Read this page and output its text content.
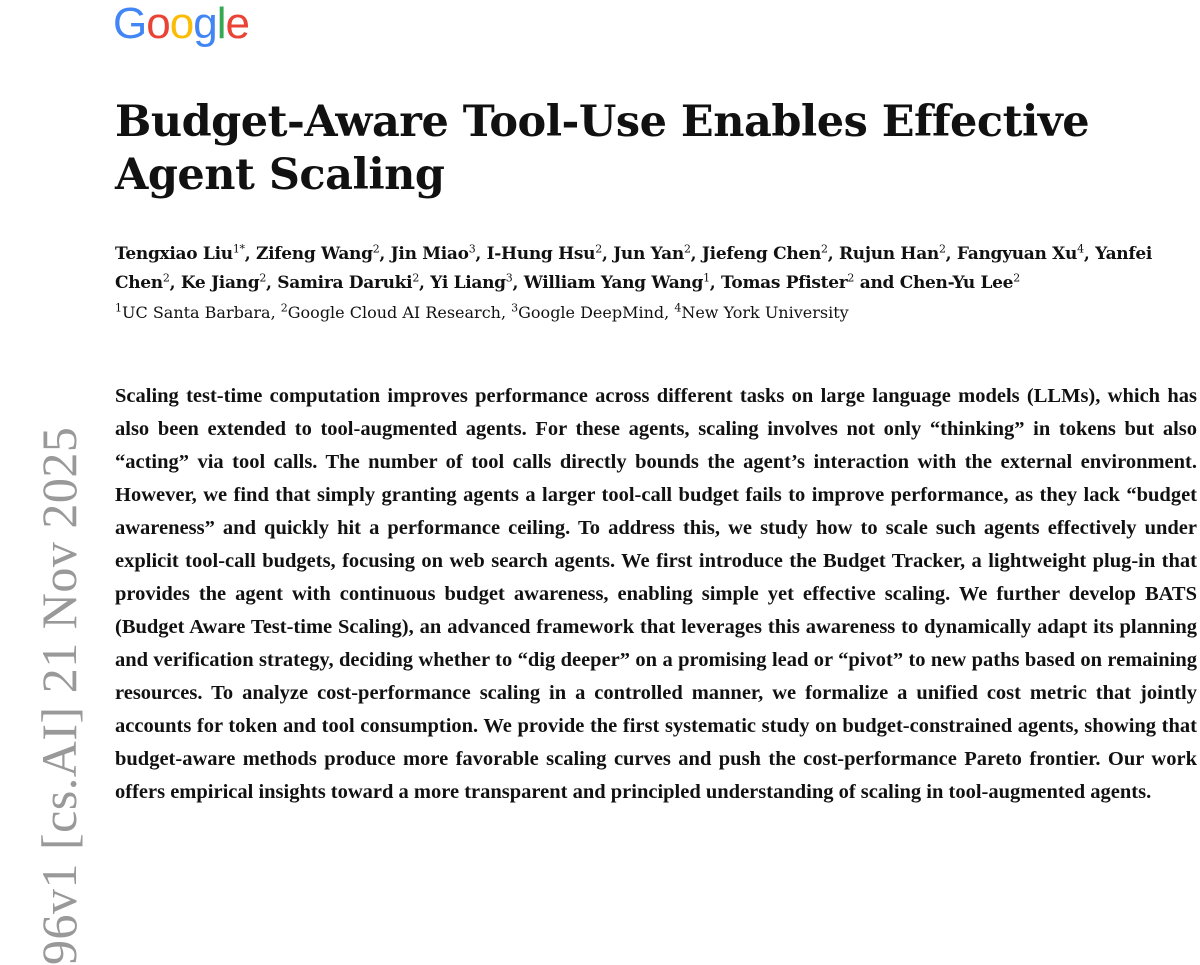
Google
Budget-Aware Tool-Use Enables Effective Agent Scaling
Tengxiao Liu$^{1*}$, Zifeng Wang$^2$, Jin Miao$^3$, I-Hung Hsu$^2$, Jun Yan$^2$, Jiefeng Chen$^2$, Rujun Han$^2$, Fangyuan Xu$^4$, Yanfei Chen$^2$, Ke Jiang$^2$, Samira Daruki$^2$, Yi Liang$^3$, William Yang Wang$^1$, Tomas Pfister$^2$ and Chen-Yu Lee$^2$
$^1$UC Santa Barbara, $^2$Google Cloud AI Research, $^3$Google DeepMind, $^4$New York University

Scaling test-time computation improves performance across different tasks on large language models (LLMs), which has also been extended to tool-augmented agents. For these agents, scaling involves not only “thinking” in tokens but also “acting” via tool calls. The number of tool calls directly bounds the agent’s interaction with the external environment. However, we find that simply granting agents a larger tool-call budget fails to improve performance, as they lack “budget awareness” and quickly hit a performance ceiling. To address this, we study how to scale such agents effectively under explicit tool-call budgets, focusing on web search agents. We first introduce the Budget Tracker, a lightweight plug-in that provides the agent with continuous budget awareness, enabling simple yet effective scaling. We further develop BATS (Budget Aware Test-time Scaling), an advanced framework that leverages this awareness to dynamically adapt its planning and verification strategy, deciding whether to “dig deeper” on a promising lead or “pivot” to new paths based on remaining resources. To analyze cost-performance scaling in a controlled manner, we formalize a unified cost metric that jointly accounts for token and tool consumption. We provide the first systematic study on budget-constrained agents, showing that budget-aware methods produce more favorable scaling curves and push the cost-performance Pareto frontier. Our work offers empirical insights toward a more transparent and principled understanding of scaling in tool-augmented agents.

96v1 [cs.AI] 21 Nov 2025
